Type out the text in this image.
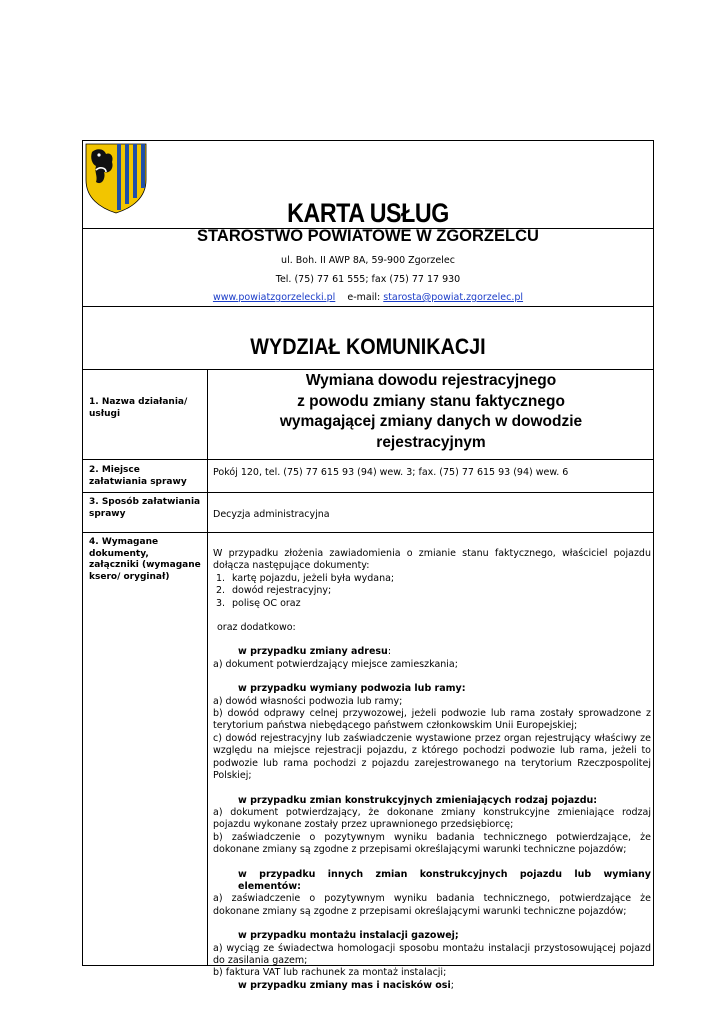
KARTA USŁUG
STAROSTWO POWIATOWE W ZGORZELCU
ul. Boh. II AWP 8A, 59-900 Zgorzelec
Tel. (75) 77 61 555; fax (75) 77 17 930
www.powiatzgorzelecki.pl e-mail: starosta@powiat.zgorzelec.pl
WYDZIAŁ KOMUNIKACJI
1. Nazwa działania/ usługi
Wymiana dowodu rejestracyjnego
z powodu zmiany stanu faktycznego
wymagającej zmiany danych w dowodzie
rejestracyjnym
2. Miejsce załatwiania sprawy
Pokój 120, tel. (75) 77 615 93 (94) wew. 3; fax. (75) 77 615 93 (94) wew. 6
3. Sposób załatwiania sprawy	Decyzja administracyjna
4. Wymagane dokumenty, załączniki (wymagane ksero/ oryginał)
W przypadku złożenia zawiadomienia o zmianie stanu faktycznego, właściciel pojazdu dołącza następujące dokumenty:
1. kartę pojazdu, jeżeli była wydana;
2. dowód rejestracyjny;
3. polisę OC oraz
oraz dodatkowo:
w przypadku zmiany adresu:
a) dokument potwierdzający miejsce zamieszkania;
w przypadku wymiany podwozia lub ramy:
a) dowód własności podwozia lub ramy;
b) dowód odprawy celnej przywozowej, jeżeli podwozie lub rama zostały sprowadzone z terytorium państwa niebędącego państwem członkowskim Unii Europejskiej;
c) dowód rejestracyjny lub zaświadczenie wystawione przez organ rejestrujący właściwy ze względu na miejsce rejestracji pojazdu, z którego pochodzi podwozie lub rama, jeżeli to podwozie lub rama pochodzi z pojazdu zarejestrowanego na terytorium Rzeczpospolitej Polskiej;
w przypadku zmian konstrukcyjnych zmieniających rodzaj pojazdu:
a) dokument potwierdzający, że dokonane zmiany konstrukcyjne zmieniające rodzaj pojazdu wykonane zostały przez uprawnionego przedsiębiorcę;
b) zaświadczenie o pozytywnym wyniku badania technicznego potwierdzające, że dokonane zmiany są zgodne z przepisami określającymi warunki techniczne pojazdów;
w przypadku innych zmian konstrukcyjnych pojazdu lub wymiany elementów:
a) zaświadczenie o pozytywnym wyniku badania technicznego, potwierdzające że dokonane zmiany są zgodne z przepisami określającymi warunki techniczne pojazdów;
w przypadku montażu instalacji gazowej;
a) wyciąg ze świadectwa homologacji sposobu montażu instalacji przystosowującej pojazd do zasilania gazem;
b) faktura VAT lub rachunek za montaż instalacji;
w przypadku zmiany mas i nacisków osi;
